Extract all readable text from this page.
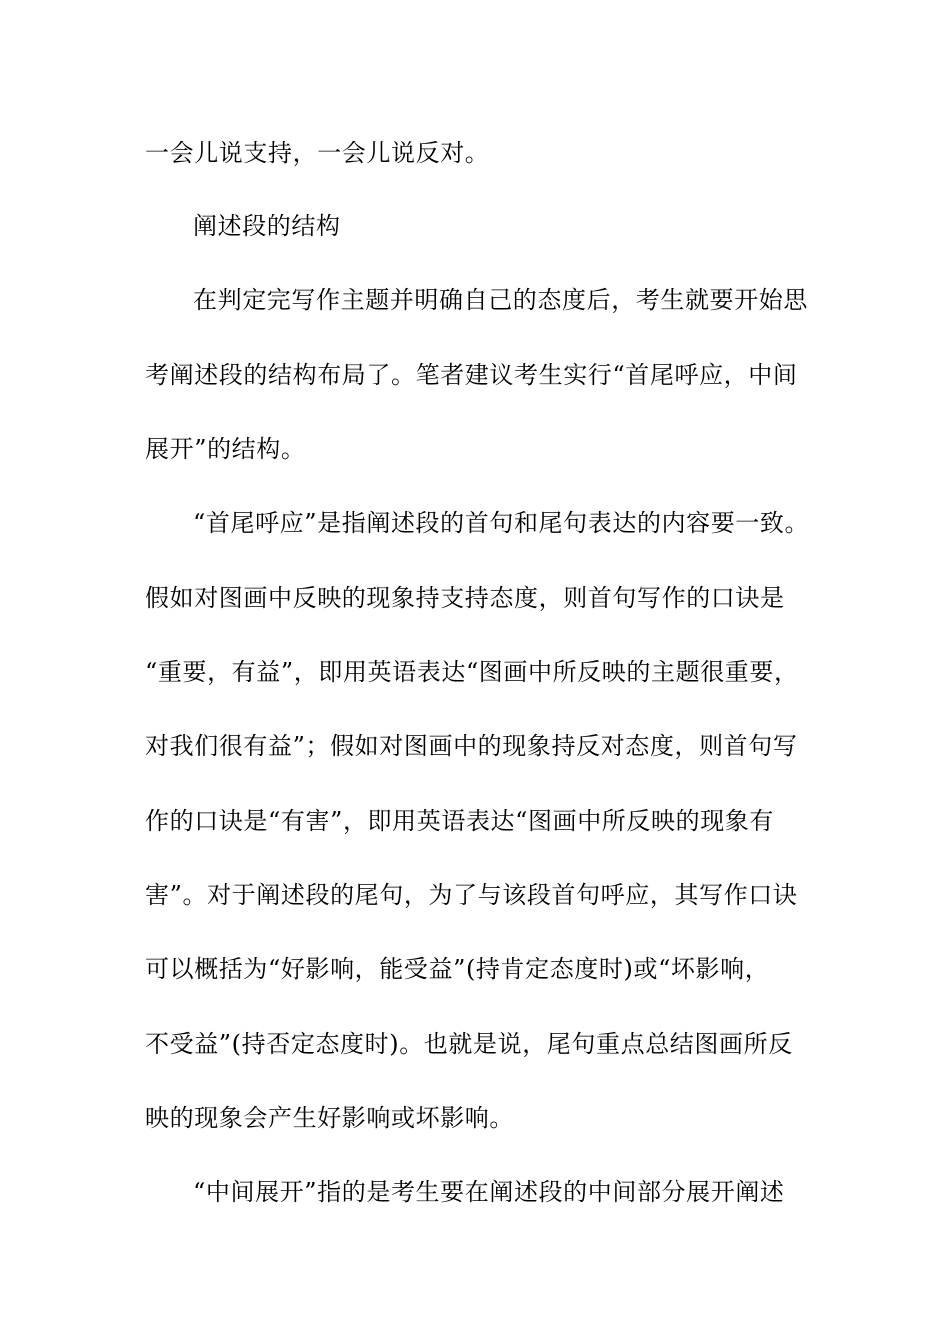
一会儿说支持，一会儿说反对。
阐述段的结构
在判定完写作主题并明确自己的态度后，考生就要开始思
考阐述段的结构布局了。笔者建议考生实行“首尾呼应，中间
展开”的结构。
“首尾呼应”是指阐述段的首句和尾句表达的内容要一致。
假如对图画中反映的现象持支持态度，则首句写作的口诀是
“重要，有益”，即用英语表达“图画中所反映的主题很重要，
对我们很有益”；假如对图画中的现象持反对态度，则首句写
作的口诀是“有害”，即用英语表达“图画中所反映的现象有
害”。对于阐述段的尾句，为了与该段首句呼应，其写作口诀
可以概括为“好影响，能受益”(持肯定态度时)或“坏影响，
不受益”(持否定态度时)。也就是说，尾句重点总结图画所反
映的现象会产生好影响或坏影响。
“中间展开”指的是考生要在阐述段的中间部分展开阐述
